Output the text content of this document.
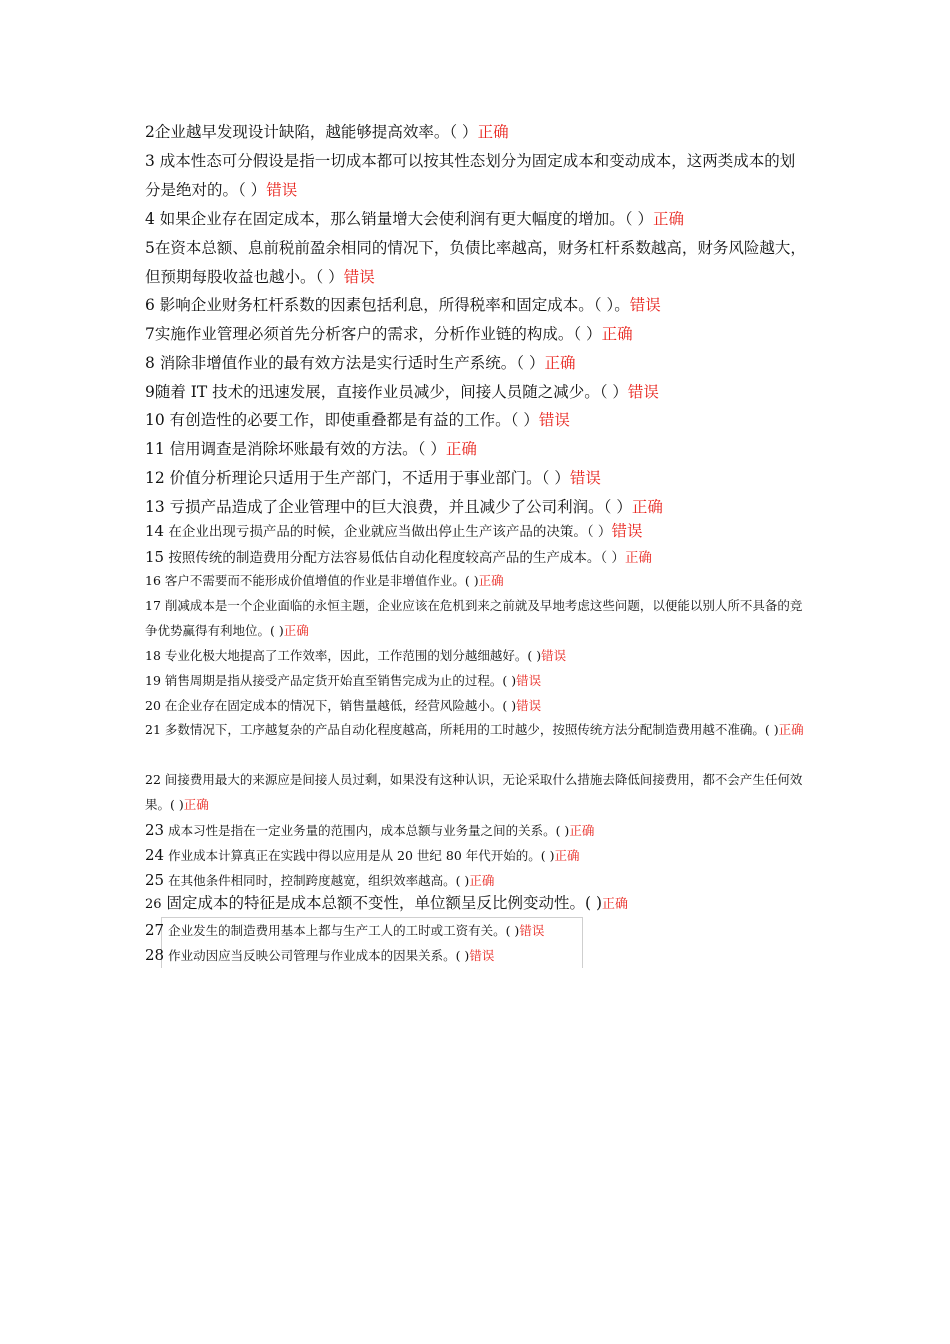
2企业越早发现设计缺陷，越能够提高效率。（ ）正确
3 成本性态可分假设是指一切成本都可以按其性态划分为固定成本和变动成本，这两类成本的划分是绝对的。（ ）错误
4 如果企业存在固定成本，那么销量增大会使利润有更大幅度的增加。（ ）正确
5在资本总额、息前税前盈余相同的情况下，负债比率越高，财务杠杆系数越高，财务风险越大，但预期每股收益也越小。（ ）错误
6 影响企业财务杠杆系数的因素包括利息，所得税率和固定成本。（ ）。错误
7实施作业管理必须首先分析客户的需求，分析作业链的构成。（ ）正确
8 消除非增值作业的最有效方法是实行适时生产系统。（ ）正确
9随着 IT 技术的迅速发展，直接作业员减少，间接人员随之减少。（ ）错误
10 有创造性的必要工作，即使重叠都是有益的工作。（ ）错误
11 信用调查是消除坏账最有效的方法。（ ）正确
12 价值分析理论只适用于生产部门，不适用于事业部门。（ ）错误
13 亏损产品造成了企业管理中的巨大浪费，并且减少了公司利润。（ ）正确
14 在企业出现亏损产品的时候，企业就应当做出停止生产该产品的决策。（ ）错误
15 按照传统的制造费用分配方法容易低估自动化程度较高产品的生产成本。（ ）正确
16 客户不需要而不能形成价值增值的作业是非增值作业。( )正确
17 削减成本是一个企业面临的永恒主题，企业应该在危机到来之前就及早地考虑这些问题，以便能以别人所不具备的竞争优势赢得有利地位。( )正确
18 专业化极大地提高了工作效率，因此，工作范围的划分越细越好。( )错误
19 销售周期是指从接受产品定货开始直至销售完成为止的过程。( )错误
20 在企业存在固定成本的情况下，销售量越低，经营风险越小。( )错误
21 多数情况下，工序越复杂的产品自动化程度越高，所耗用的工时越少，按照传统方法分配制造费用越不准确。( )正确
22 间接费用最大的来源应是间接人员过剩，如果没有这种认识，无论采取什么措施去降低间接费用，都不会产生任何效果。( )正确
23 成本习性是指在一定业务量的范围内，成本总额与业务量之间的关系。( )正确
24 作业成本计算真正在实践中得以应用是从 20 世纪 80 年代开始的。( )正确
25 在其他条件相同时，控制跨度越宽，组织效率越高。( )正确
26 固定成本的特征是成本总额不变性，单位额呈反比例变动性。( )正确
27 企业发生的制造费用基本上都与生产工人的工时或工资有关。( )错误
28 作业动因应当反映公司管理与作业成本的因果关系。( )错误
